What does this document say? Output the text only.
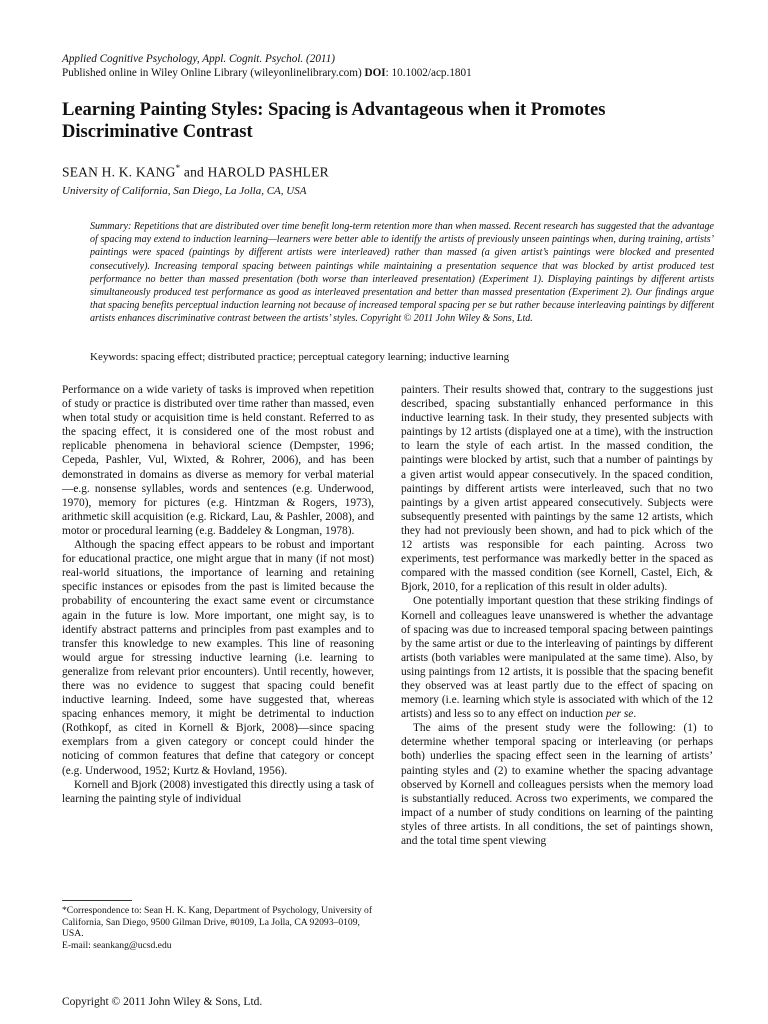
Applied Cognitive Psychology, Appl. Cognit. Psychol. (2011)
Published online in Wiley Online Library (wileyonlinelibrary.com) DOI: 10.1002/acp.1801
Learning Painting Styles: Spacing is Advantageous when it Promotes Discriminative Contrast
SEAN H. K. KANG* and HAROLD PASHLER
University of California, San Diego, La Jolla, CA, USA

Summary: Repetitions that are distributed over time benefit long-term retention more than when massed. Recent research has suggested that the advantage of spacing may extend to induction learning—learners were better able to identify the artists of previously unseen paintings when, during training, artists’ paintings were spaced (paintings by different artists were interleaved) rather than massed (a given artist’s paintings were blocked and presented consecutively). Increasing temporal spacing between paintings while maintaining a presentation sequence that was blocked by artist produced test performance no better than massed presentation (both worse than interleaved presentation) (Experiment 1). Displaying paintings by different artists simultaneously produced test performance as good as interleaved presentation and better than massed presentation (Experiment 2). Our findings argue that spacing benefits perceptual induction learning not because of increased temporal spacing per se but rather because interleaving paintings by different artists enhances discriminative contrast between the artists’ styles. Copyright © 2011 John Wiley & Sons, Ltd.

Keywords: spacing effect; distributed practice; perceptual category learning; inductive learning

Performance on a wide variety of tasks is improved when repetition of study or practice is distributed over time rather than massed, even when total study or acquisition time is held constant. Referred to as the spacing effect, it is considered one of the most robust and replicable phenomena in behavioral science (Dempster, 1996; Cepeda, Pashler, Vul, Wixted, & Rohrer, 2006), and has been demonstrated in domains as diverse as memory for verbal material—e.g. nonsense syllables, words and sentences (e.g. Underwood, 1970), memory for pictures (e.g. Hintzman & Rogers, 1973), arithmetic skill acquisition (e.g. Rickard, Lau, & Pashler, 2008), and motor or procedural learning (e.g. Baddeley & Longman, 1978).

Although the spacing effect appears to be robust and important for educational practice, one might argue that in many (if not most) real-world situations, the importance of learning and retaining specific instances or episodes from the past is limited because the probability of encountering the exact same event or circumstance again in the future is low. More important, one might say, is to identify abstract patterns and principles from past examples and to transfer this knowledge to new examples. This line of reasoning would argue for stressing inductive learning (i.e. learning to generalize from relevant prior encounters). Until recently, however, there was no evidence to suggest that spacing could benefit inductive learning. Indeed, some have suggested that, whereas spacing enhances memory, it might be detrimental to induction (Rothkopf, as cited in Kornell & Bjork, 2008)—since spacing exemplars from a given category or concept could hinder the noticing of common features that define that category or concept (e.g. Underwood, 1952; Kurtz & Hovland, 1956).

Kornell and Bjork (2008) investigated this directly using a task of learning the painting style of individual

painters. Their results showed that, contrary to the suggestions just described, spacing substantially enhanced performance in this inductive learning task. In their study, they presented subjects with paintings by 12 artists (displayed one at a time), with the instruction to learn the style of each artist. In the massed condition, the paintings were blocked by artist, such that a number of paintings by a given artist would appear consecutively. In the spaced condition, paintings by different artists were interleaved, such that no two paintings by a given artist appeared consecutively. Subjects were subsequently presented with paintings by the same 12 artists, which they had not previously been shown, and had to pick which of the 12 artists was responsible for each painting. Across two experiments, test performance was markedly better in the spaced as compared with the massed condition (see Kornell, Castel, Eich, & Bjork, 2010, for a replication of this result in older adults).

One potentially important question that these striking findings of Kornell and colleagues leave unanswered is whether the advantage of spacing was due to increased temporal spacing between paintings by the same artist or due to the interleaving of paintings by different artists (both variables were manipulated at the same time). Also, by using paintings from 12 artists, it is possible that the spacing benefit they observed was at least partly due to the effect of spacing on memory (i.e. learning which style is associated with which of the 12 artists) and less so to any effect on induction per se.

The aims of the present study were the following: (1) to determine whether temporal spacing or interleaving (or perhaps both) underlies the spacing effect seen in the learning of artists’ painting styles and (2) to examine whether the spacing advantage observed by Kornell and colleagues persists when the memory load is substantially reduced. Across two experiments, we compared the impact of a number of study conditions on learning of the painting styles of three artists. In all conditions, the set of paintings shown, and the total time spent viewing

*Correspondence to: Sean H. K. Kang, Department of Psychology, University of California, San Diego, 9500 Gilman Drive, #0109, La Jolla, CA 92093–0109, USA.
E-mail: seankang@ucsd.edu
Copyright © 2011 John Wiley & Sons, Ltd.
